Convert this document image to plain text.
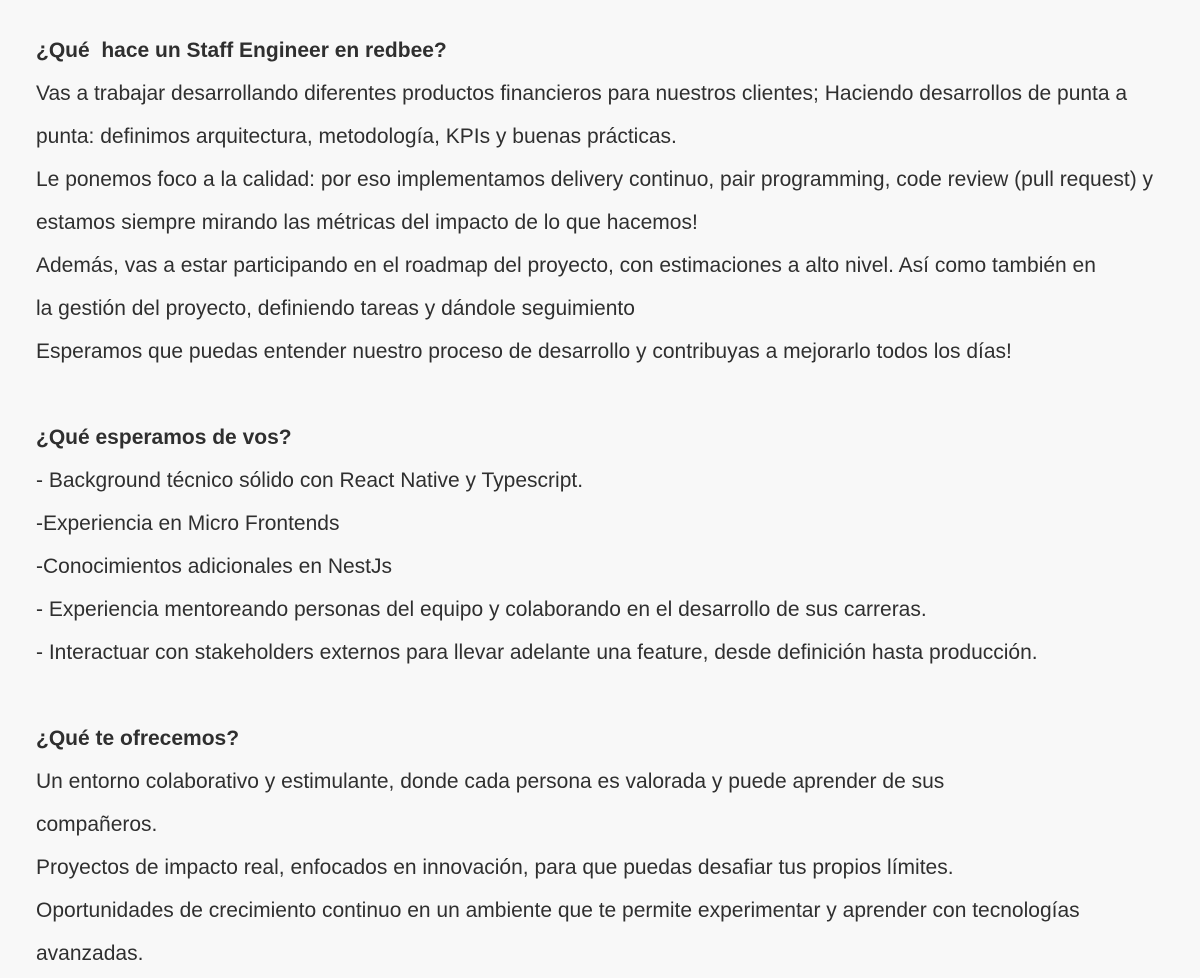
¿Qué  hace un Staff Engineer en redbee?

Vas a trabajar desarrollando diferentes productos financieros para nuestros clientes; Haciendo desarrollos de punta a punta: definimos arquitectura, metodología, KPIs y buenas prácticas.

Le ponemos foco a la calidad: por eso implementamos delivery continuo, pair programming, code review (pull request) y estamos siempre mirando las métricas del impacto de lo que hacemos!

Además, vas a estar participando en el roadmap del proyecto, con estimaciones a alto nivel. Así como también en la gestión del proyecto, definiendo tareas y dándole seguimiento

Esperamos que puedas entender nuestro proceso de desarrollo y contribuyas a mejorarlo todos los días!

¿Qué esperamos de vos?

- Background técnico sólido con React Native y Typescript.

-Experiencia en Micro Frontends

-Conocimientos adicionales en NestJs

- Experiencia mentoreando personas del equipo y colaborando en el desarrollo de sus carreras.

- Interactuar con stakeholders externos para llevar adelante una feature, desde definición hasta producción.

¿Qué te ofrecemos?

Un entorno colaborativo y estimulante, donde cada persona es valorada y puede aprender de sus compañeros.

Proyectos de impacto real, enfocados en innovación, para que puedas desafiar tus propios límites.

Oportunidades de crecimiento continuo en un ambiente que te permite experimentar y aprender con tecnologías avanzadas.
